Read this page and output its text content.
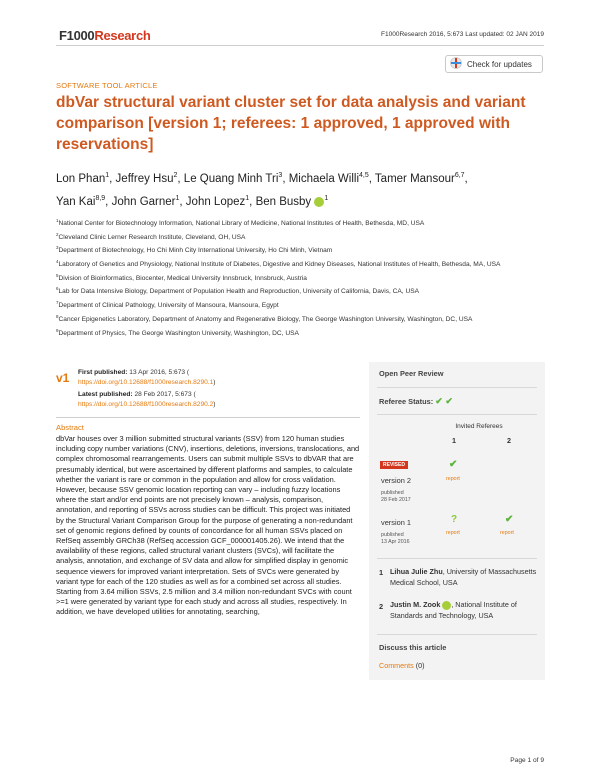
F1000Research	F1000Research 2016, 5:673 Last updated: 02 JAN 2019
Check for updates
SOFTWARE TOOL ARTICLE
dbVar structural variant cluster set for data analysis and variant comparison [version 1; referees: 1 approved, 1 approved with reservations]
Lon Phan$^1$, Jeffrey Hsu$^2$, Le Quang Minh Tri$^3$, Michaela Willi$^{4,5}$, Tamer Mansour$^{6,7}$,
Yan Kai$^{8,9}$, John Garner$^1$, John Lopez$^1$, Ben Busby $^1$
$^1$National Center for Biotechnology Information, National Library of Medicine, National Institutes of Health, Bethesda, MD, USA
$^2$Cleveland Clinic Lerner Research Institute, Cleveland, OH, USA
$^3$Department of Biotechnology, Ho Chi Minh City International University, Ho Chi Minh, Vietnam
$^4$Laboratory of Genetics and Physiology, National Institute of Diabetes, Digestive and Kidney Diseases, National Institutes of Health, Bethesda, MA, USA
$^5$Division of Bioinformatics, Biocenter, Medical University Innsbruck, Innsbruck, Austria
$^6$Lab for Data Intensive Biology, Department of Population Health and Reproduction, University of California, Davis, CA, USA
$^7$Department of Clinical Pathology, University of Mansoura, Mansoura, Egypt
$^8$Cancer Epigenetics Laboratory, Department of Anatomy and Regenerative Biology, The George Washington University, Washington, DC, USA
$^9$Department of Physics, The George Washington University, Washington, DC, USA
v1 First published: 13 Apr 2016, 5:673 (
https://doi.org/10.12688/f1000research.8290.1)
Latest published: 28 Feb 2017, 5:673 (
https://doi.org/10.12688/f1000research.8290.2)
Abstract

dbVar houses over 3 million submitted structural variants (SSV) from 120 human studies including copy number variations (CNV), insertions, deletions, inversions, translocations, and complex chromosomal rearrangements. Users can submit multiple SSVs to dbVAR that are presumably identical, but were ascertained by different platforms and samples, to calculate whether the variant is rare or common in the population and allow for cross validation. However, because SSV genomic location reporting can vary – including fuzzy locations where the start and/or end points are not precisely known – analysis, comparison, annotation, and reporting of SSVs across studies can be difficult. This project was initiated by the Structural Variant Comparison Group for the purpose of generating a non-redundant set of genomic regions defined by counts of concordance for all human SSVs placed on RefSeq assembly GRCh38 (RefSeq accession GCF_000001405.26). We intend that the availability of these regions, called structural variant clusters (SVCs), will facilitate the analysis, annotation, and exchange of SV data and allow for simplified display in genomic sequence viewers for improved variant interpretation. Sets of SVCs were generated by variant type for each of the 120 studies as well as for a combined set across all studies. Starting from 3.64 million SSVs, 2.5 million and 3.4 million non-redundant SVCs with count >=1 were generated by variant type for each study and across all studies, respectively. In addition, we have developed utilities for annotating, searching,

Open Peer Review
Referee Status: ✔ ✔
Invited Referees
1	2
REVISED
version 2
published
28 Feb 2017
✔
report
version 1
published
13 Apr 2016
?
report
✔
report
1 Lihua Julie Zhu, University of Massachusetts Medical School, USA
2 Justin M. Zook , National Institute of Standards and Technology, USA
Discuss this article
Comments (0)
Page 1 of 9
